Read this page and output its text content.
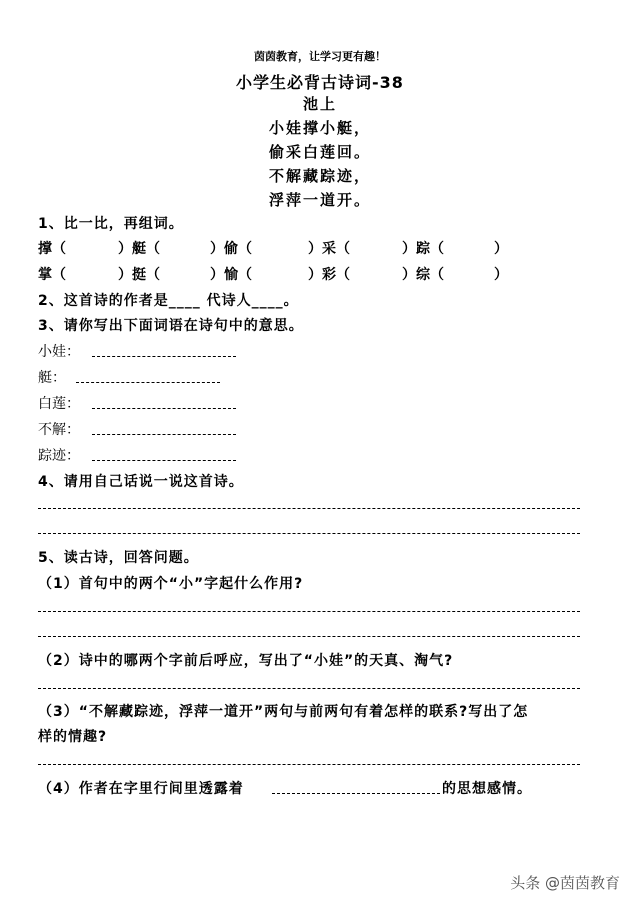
茵茵教育，让学习更有趣！
小学生必背古诗词-38
池上
小娃撑小艇，
偷采白莲回。
不解藏踪迹，
浮萍一道开。
1、比一比，再组词。
撑（	）艇（	）偷（	）采（	）踪（	）
掌（	）挺（	）愉（	）彩（	）综（	）
2、这首诗的作者是____ 代诗人____。
3、请你写出下面词语在诗句中的意思。
小娃：
艇：
白莲：
不解：
踪迹：
4、请用自己话说一说这首诗。
5、读古诗，回答问题。
（1）首句中的两个“小”字起什么作用?
（2）诗中的哪两个字前后呼应，写出了“小娃”的天真、淘气?
（3）“不解藏踪迹，浮萍一道开”两句与前两句有着怎样的联系?写出了怎
样的情趣?
（4）作者在字里行间里透露着	的思想感情。
头条 @茵茵教育
